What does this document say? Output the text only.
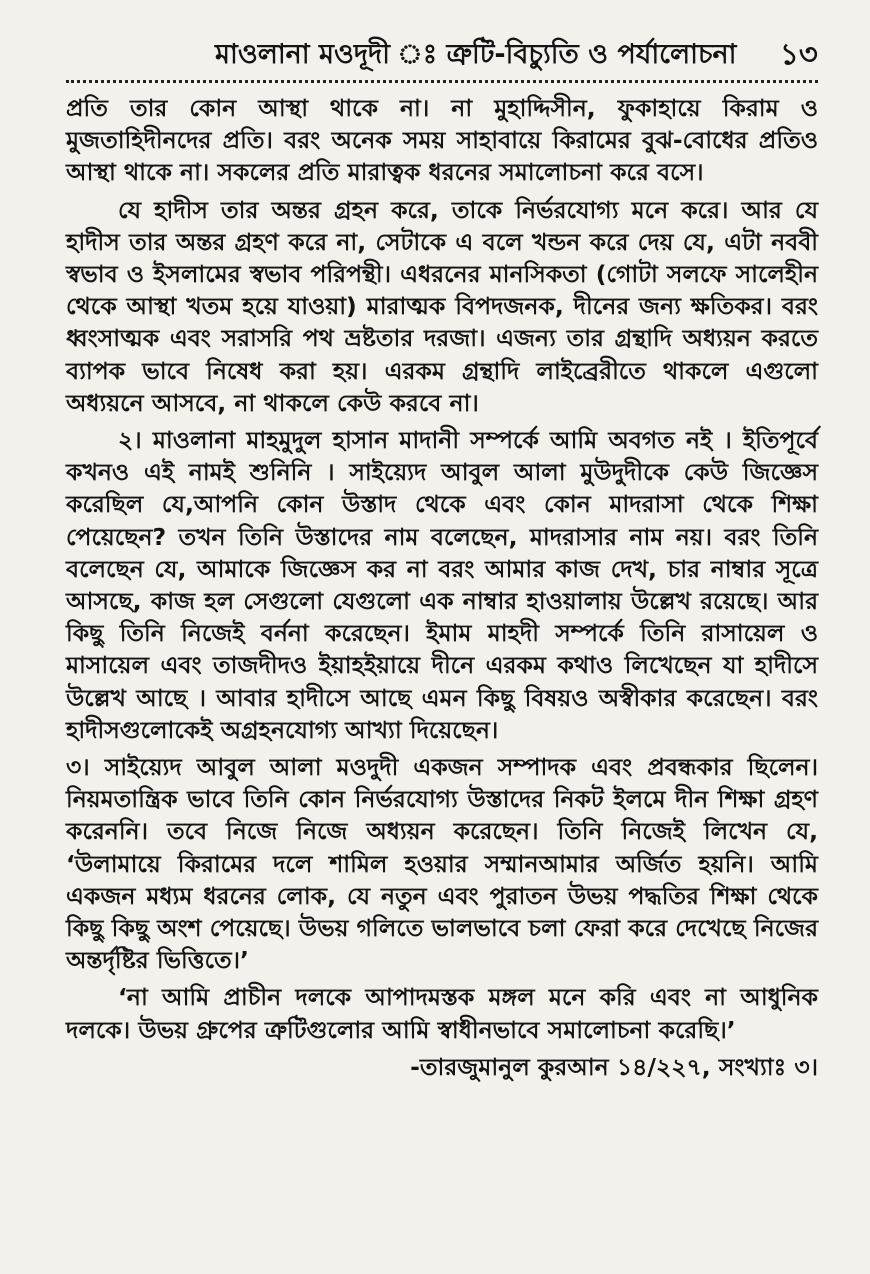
মাওলানা মওদূদী ঃ ত্রুটি-বিচ্যুতি ও পর্যালোচনা ১৩

প্রতি তার কোন আস্থা থাকে না। না মুহাদ্দিসীন, ফুকাহায়ে কিরাম ও মুজতাহিদীনদের প্রতি। বরং অনেক সময় সাহাবায়ে কিরামের বুঝ-বোধের প্রতিও আস্থা থাকে না। সকলের প্রতি মারাত্বক ধরনের সমালোচনা করে বসে।

যে হাদীস তার অন্তর গ্রহন করে, তাকে নির্ভরযোগ্য মনে করে। আর যে হাদীস তার অন্তর গ্রহণ করে না, সেটাকে এ বলে খন্ডন করে দেয় যে, এটা নববী স্বভাব ও ইসলামের স্বভাব পরিপন্থী। এধরনের মানসিকতা (গোটা সলফে সালেহীন থেকে আস্থা খতম হয়ে যাওয়া) মারাত্মক বিপদজনক, দীনের জন্য ক্ষতিকর। বরং ধ্বংসাত্মক এবং সরাসরি পথ ভ্রষ্টতার দরজা। এজন্য তার গ্রন্থাদি অধ্যয়ন করতে ব্যাপক ভাবে নিষেধ করা হয়। এরকম গ্রন্থাদি লাইব্রেরীতে থাকলে এগুলো অধ্যয়নে আসবে, না থাকলে কেউ করবে না।

২। মাওলানা মাহমুদুল হাসান মাদানী সম্পর্কে আমি অবগত নই । ইতিপূর্বে কখনও এই নামই শুনিনি । সাইয়্যেদ আবুল আলা মুউদুদীকে কেউ জিজ্ঞেস করেছিল যে,আপনি কোন উস্তাদ থেকে এবং কোন মাদরাসা থেকে শিক্ষা পেয়েছেন? তখন তিনি উস্তাদের নাম বলেছেন, মাদরাসার নাম নয়। বরং তিনি বলেছেন যে, আমাকে জিজ্ঞেস কর না বরং আমার কাজ দেখ, চার নাম্বার সূত্রে আসছে, কাজ হল সেগুলো যেগুলো এক নাম্বার হাওয়ালায় উল্লেখ রয়েছে। আর কিছু তিনি নিজেই বর্ননা করেছেন। ইমাম মাহদী সম্পর্কে তিনি রাসায়েল ও মাসায়েল এবং তাজদীদও ইয়াহইয়ায়ে দীনে এরকম কথাও লিখেছেন যা হাদীসে উল্লেখ আছে । আবার হাদীসে আছে এমন কিছু বিষয়ও অস্বীকার করেছেন। বরং হাদীসগুলোকেই অগ্রহনযোগ্য আখ্যা দিয়েছেন।

৩। সাইয়্যেদ আবুল আলা মওদুদী একজন সম্পাদক এবং প্রবন্ধকার ছিলেন। নিয়মতান্ত্রিক ভাবে তিনি কোন নির্ভরযোগ্য উস্তাদের নিকট ইলমে দীন শিক্ষা গ্রহণ করেননি। তবে নিজে নিজে অধ্যয়ন করেছেন। তিনি নিজেই লিখেন যে, ‘উলামায়ে কিরামের দলে শামিল হওয়ার সম্মানআমার অর্জিত হয়নি। আমি একজন মধ্যম ধরনের লোক, যে নতুন এবং পুরাতন উভয় পদ্ধতির শিক্ষা থেকে কিছু কিছু অংশ পেয়েছে। উভয় গলিতে ভালভাবে চলা ফেরা করে দেখেছে নিজের অন্তর্দৃষ্টির ভিত্তিতে।’

‘না আমি প্রাচীন দলকে আপাদমস্তক মঙ্গল মনে করি এবং না আধুনিক দলকে। উভয় গ্রুপের ত্রুটিগুলোর আমি স্বাধীনভাবে সমালোচনা করেছি।’

-তারজুমানুল কুরআন ১৪/২২৭, সংখ্যাঃ ৩।
